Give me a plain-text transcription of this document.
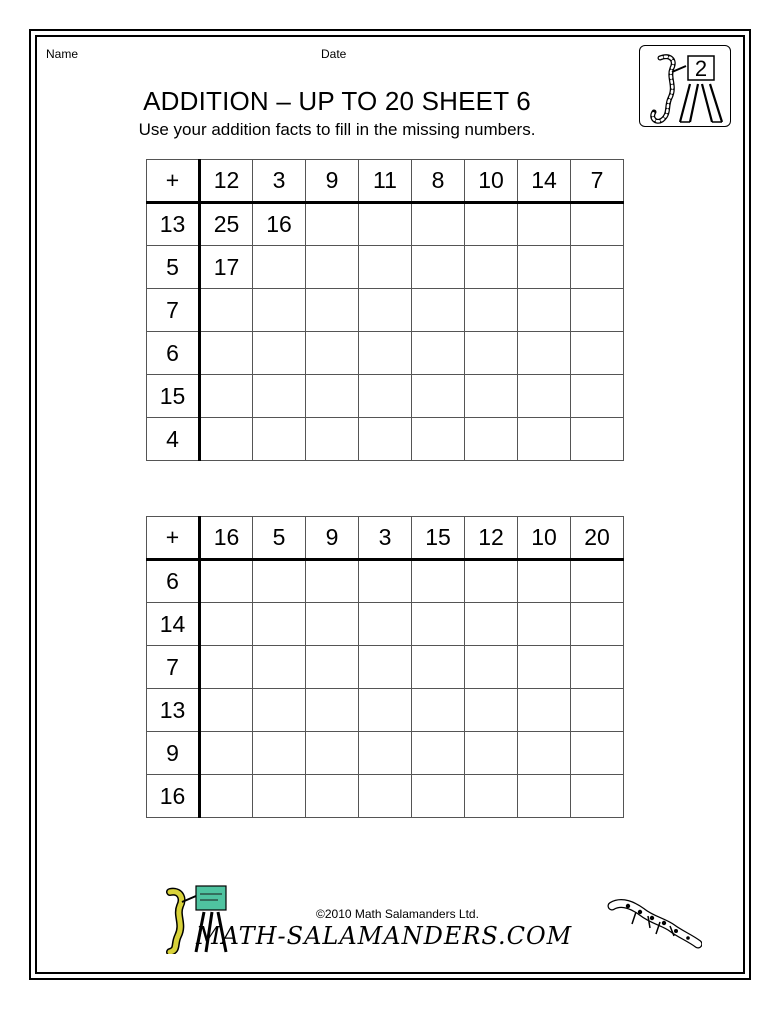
Name	Date
ADDITION – UP TO 20 SHEET 6
Use your addition facts to fill in the missing numbers.
2
+	12	3	9	11	8	10	14	7
13	25	16						
5	17							
7								
6								
15								
4								
+	16	5	9	3	15	12	10	20
6								
14								
7								
13								
9								
16								
©2010 Math Salamanders Ltd.
MATH-SALAMANDERS.COM
